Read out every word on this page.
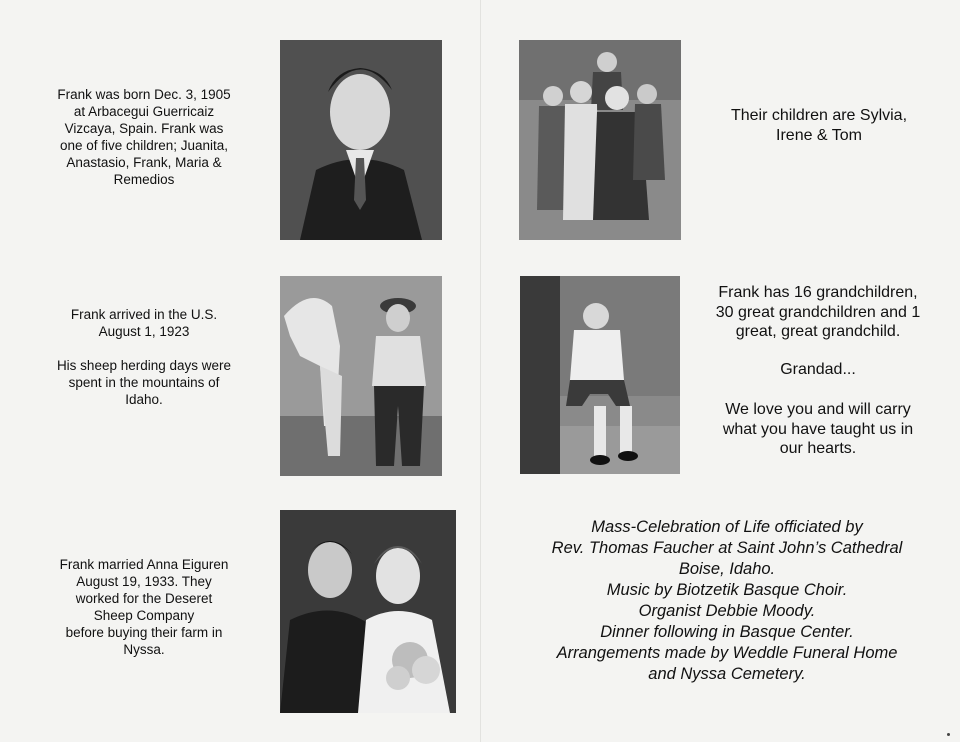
Frank was born Dec. 3, 1905

at Arbacegui Guerricaiz

Vizcaya, Spain. Frank was

one of five children; Juanita,

Anastasio, Frank, Maria &

Remedios

Frank arrived in the U.S.

August 1, 1923

His sheep herding days were

spent in the mountains of

Idaho.

Frank married Anna Eiguren

August 19, 1933. They

worked for the Deseret

Sheep Company

before buying their farm in

Nyssa.

Their children are Sylvia,

Irene & Tom

Frank has 16 grandchildren,

30 great grandchildren and 1

great, great grandchild.

Grandad...

We love you and will carry

what you have taught us in

our hearts.

Mass-Celebration of Life officiated by

Rev. Thomas Faucher at Saint John’s Cathedral

Boise, Idaho.

Music by Biotzetik Basque Choir.

Organist Debbie Moody.

Dinner following in Basque Center.

Arrangements made by Weddle Funeral Home

and Nyssa Cemetery.
